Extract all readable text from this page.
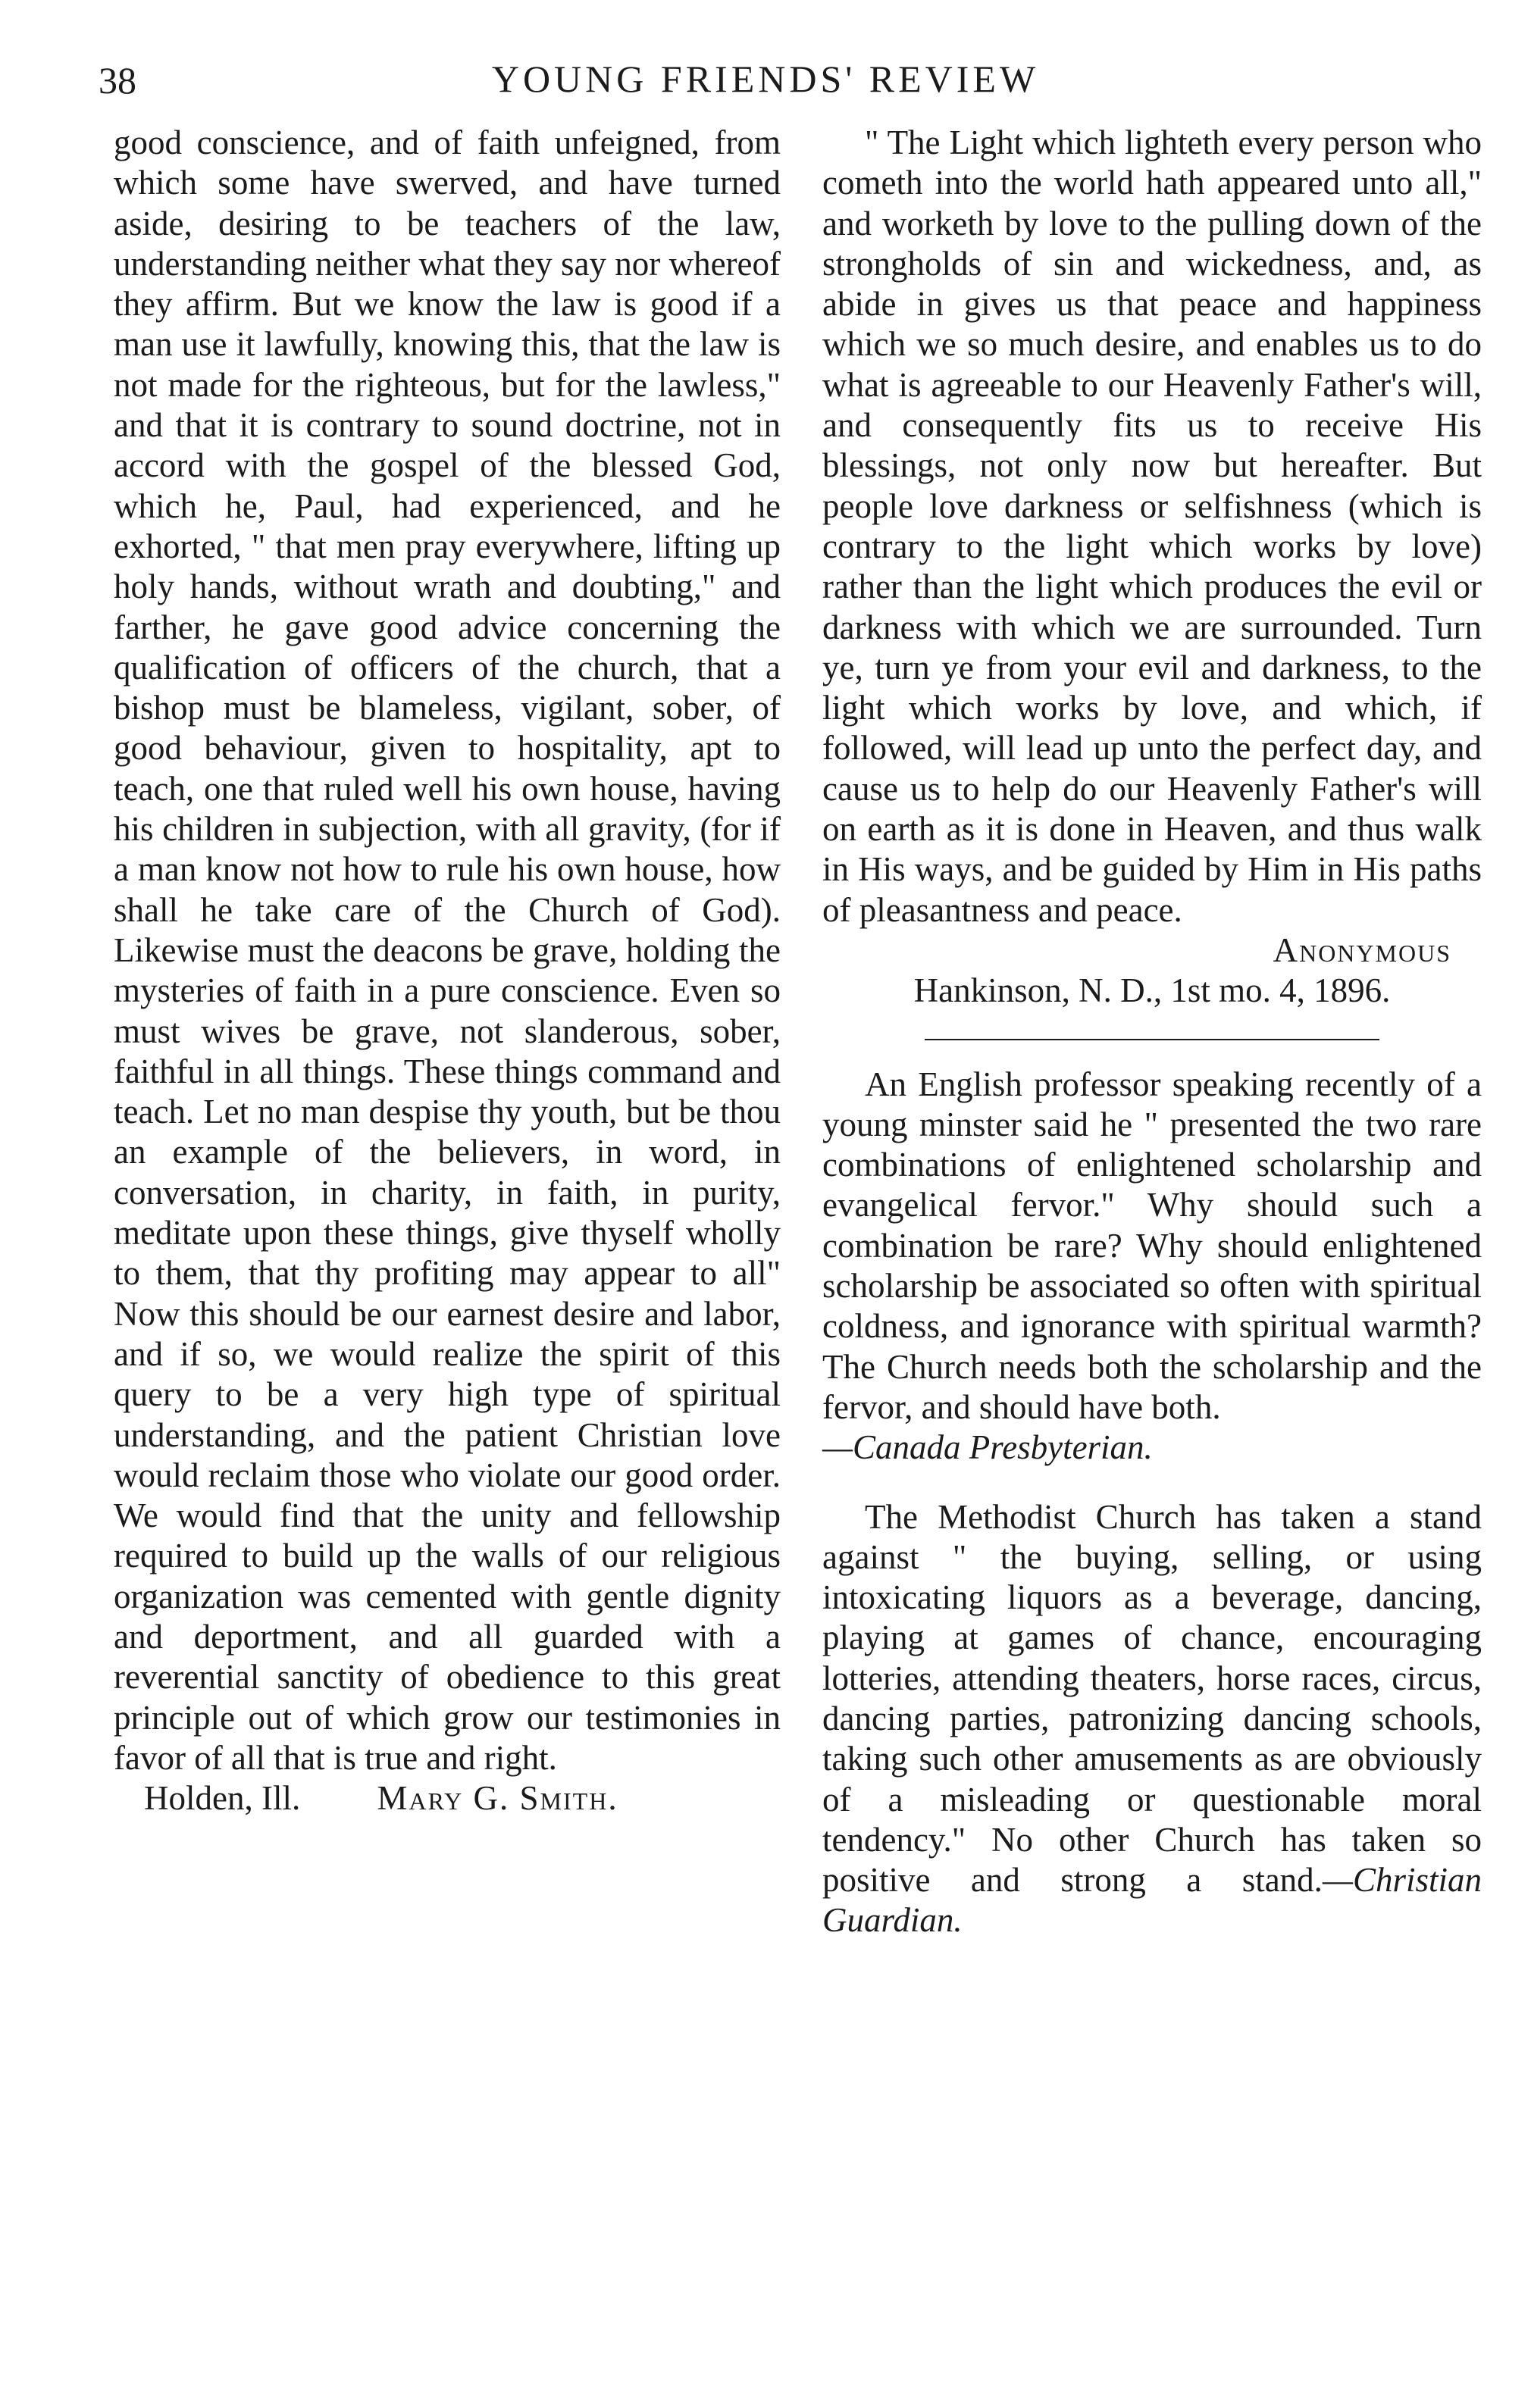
38	YOUNG FRIENDS' REVIEW

good conscience, and of faith unfeigned, from which some have swerved, and have turned aside, desiring to be teachers of the law, understanding neither what they say nor whereof they affirm. But we know the law is good if a man use it lawfully, knowing this, that the law is not made for the righteous, but for the lawless," and that it is contrary to sound doctrine, not in accord with the gospel of the blessed God, which he, Paul, had experienced, and he exhorted, " that men pray everywhere, lifting up holy hands, without wrath and doubting," and farther, he gave good advice concerning the qualification of officers of the church, that a bishop must be blameless, vigilant, sober, of good behaviour, given to hospitality, apt to teach, one that ruled well his own house, having his children in subjection, with all gravity, (for if a man know not how to rule his own house, how shall he take care of the Church of God). Likewise must the deacons be grave, holding the mysteries of faith in a pure conscience. Even so must wives be grave, not slanderous, sober, faithful in all things. These things command and teach. Let no man despise thy youth, but be thou an example of the believers, in word, in conversation, in charity, in faith, in purity, meditate upon these things, give thyself wholly to them, that thy profiting may appear to all" Now this should be our earnest desire and labor, and if so, we would realize the spirit of this query to be a very high type of spiritual understanding, and the patient Christian love would reclaim those who violate our good order. We would find that the unity and fellowship required to build up the walls of our religious organization was cemented with gentle dignity and deportment, and all guarded with a reverential sanctity of obedience to this great principle out of which grow our testimonies in favor of all that is true and right.

Holden, Ill. Mary G. Smith.

" The Light which lighteth every person who cometh into the world hath appeared unto all," and worketh by love to the pulling down of the strongholds of sin and wickedness, and, as abide in gives us that peace and happiness which we so much desire, and enables us to do what is agreeable to our Heavenly Father's will, and consequently fits us to receive His blessings, not only now but hereafter. But people love darkness or selfishness (which is contrary to the light which works by love) rather than the light which produces the evil or darkness with which we are surrounded. Turn ye, turn ye from your evil and darkness, to the light which works by love, and which, if followed, will lead up unto the perfect day, and cause us to help do our Heavenly Father's will on earth as it is done in Heaven, and thus walk in His ways, and be guided by Him in His paths of pleasantness and peace.

Anonymous

Hankinson, N. D., 1st mo. 4, 1896.

An English professor speaking recently of a young minster said he " presented the two rare combinations of enlightened scholarship and evangelical fervor." Why should such a combination be rare? Why should enlightened scholarship be associated so often with spiritual coldness, and ignorance with spiritual warmth? The Church needs both the scholarship and the fervor, and should have both.
—Canada Presbyterian.

The Methodist Church has taken a stand against " the buying, selling, or using intoxicating liquors as a beverage, dancing, playing at games of chance, encouraging lotteries, attending theaters, horse races, circus, dancing parties, patronizing dancing schools, taking such other amusements as are obviously of a misleading or questionable moral tendency." No other Church has taken so positive and strong a stand.—Christian Guardian.
